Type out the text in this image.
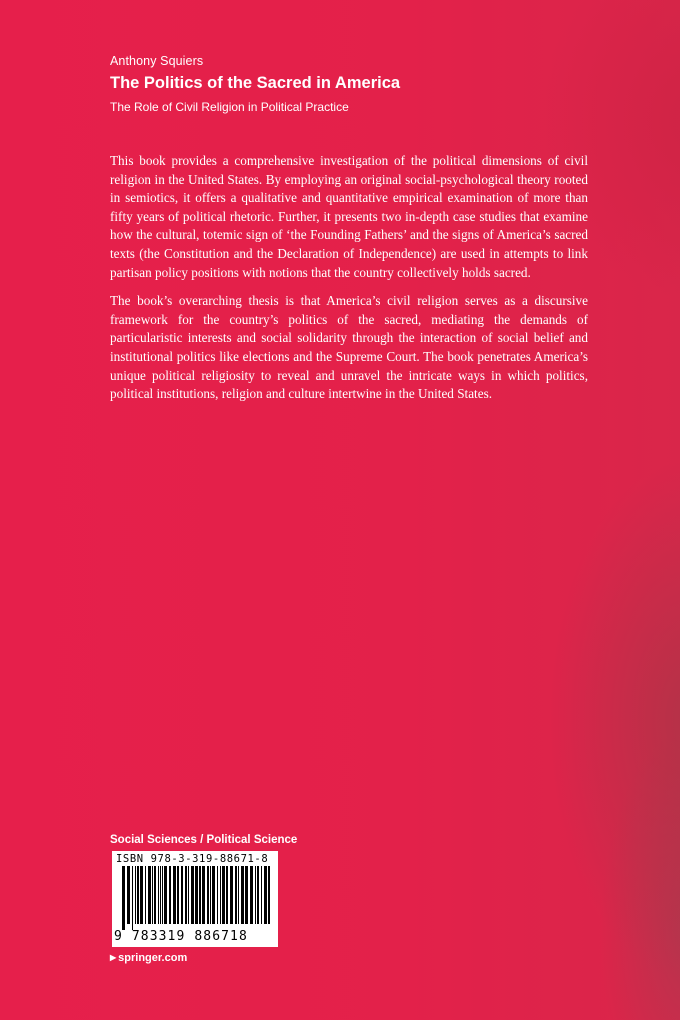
Anthony Squiers
The Politics of the Sacred in America
The Role of Civil Religion in Political Practice

This book provides a comprehensive investigation of the political dimensions of civil religion in the United States. By employing an original social-psychological theory rooted in semiotics, it offers a qualitative and quantitative empirical examination of more than fifty years of political rhetoric. Further, it presents two in-depth case studies that examine how the cultural, totemic sign of ‘the Founding Fathers’ and the signs of America’s sacred texts (the Constitution and the Declaration of Independence) are used in attempts to link partisan policy positions with notions that the country collectively holds sacred.

The book’s overarching thesis is that America’s civil religion serves as a discursive framework for the country’s politics of the sacred, mediating the demands of particularistic interests and social solidarity through the interaction of social belief and institutional politics like elections and the Supreme Court. The book penetrates America’s unique political religiosity to reveal and unravel the intricate ways in which politics, political institutions, religion and culture intertwine in the United States.

Social Sciences / Political Science
ISBN 978-3-319-88671-8
9 783319 886718
▶ springer.com
